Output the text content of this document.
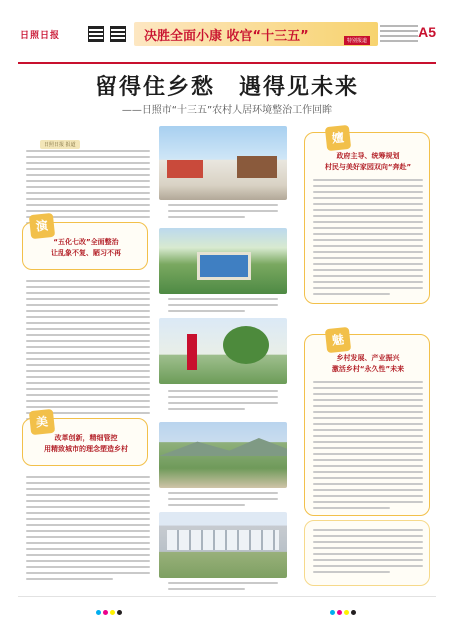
日照日报	决胜全面小康 收官“十三五”	特别报道
A5
留得住乡愁　遇得见未来
——日照市“十三五”农村人居环境整治工作回眸
日照日报 报道
“五化七改”全面整治
让乱象不复、陋习不再
演
改革创新，精细管控
用精致城市的理念塑造乡村
美
政府主导、统筹规划
村民与美好家园双向“奔赴”
嬗
乡村发展、产业振兴
激活乡村“永久性”未来
魅
